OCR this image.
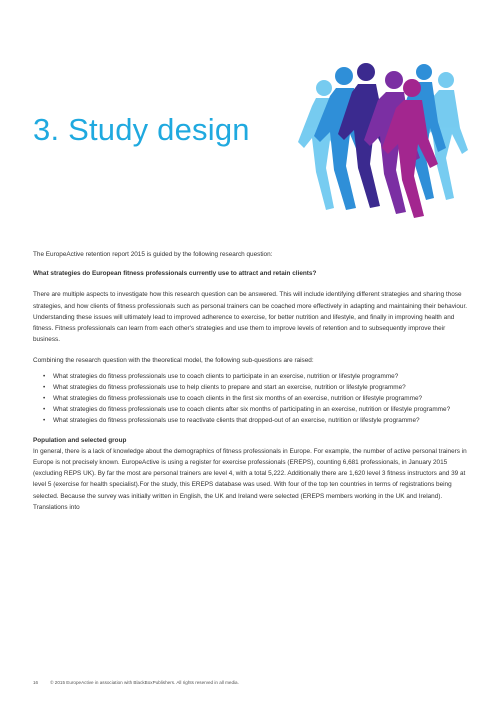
3. Study design

The EuropeActive retention report 2015 is guided by the following research question:

What strategies do European fitness professionals currently use to attract and retain clients?

There are multiple aspects to investigate how this research question can be answered. This will include identifying different strategies and sharing those strategies, and how clients of fitness professionals such as personal trainers can be coached more effectively in adapting and maintaining their behaviour. Understanding these issues will ultimately lead to improved adherence to exercise, for better nutrition and lifestyle, and finally in improving health and fitness. Fitness professionals can learn from each other's strategies and use them to improve levels of retention and to subsequently improve their business.

Combining the research question with the theoretical model, the following sub-questions are raised:

• What strategies do fitness professionals use to coach clients to participate in an exercise, nutrition or lifestyle programme?
• What strategies do fitness professionals use to help clients to prepare and start an exercise, nutrition or lifestyle programme?
• What strategies do fitness professionals use to coach clients in the first six months of an exercise, nutrition or lifestyle programme?
• What strategies do fitness professionals use to coach clients after six months of participating in an exercise, nutrition or lifestyle programme?
• What strategies do fitness professionals use to reactivate clients that dropped-out of an exercise, nutrition or lifestyle programme?

Population and selected group

In general, there is a lack of knowledge about the demographics of fitness professionals in Europe. For example, the number of active personal trainers in Europe is not precisely known. EuropeActive is using a register for exercise professionals (EREPS), counting 6,681 professionals, in January 2015 (excluding REPS UK). By far the most are personal trainers are level 4, with a total 5,222. Additionally there are 1,620 level 3 fitness instructors and 39 at level 5 (exercise for health specialist).For the study, this EREPS database was used. With four of the top ten countries in terms of registrations being selected. Because the survey was initially written in English, the UK and Ireland were selected (EREPS members working in the UK and Ireland). Translations into

16	© 2015 EuropeActive in association with BlackBoxPublishers. All rights reserved in all media.
